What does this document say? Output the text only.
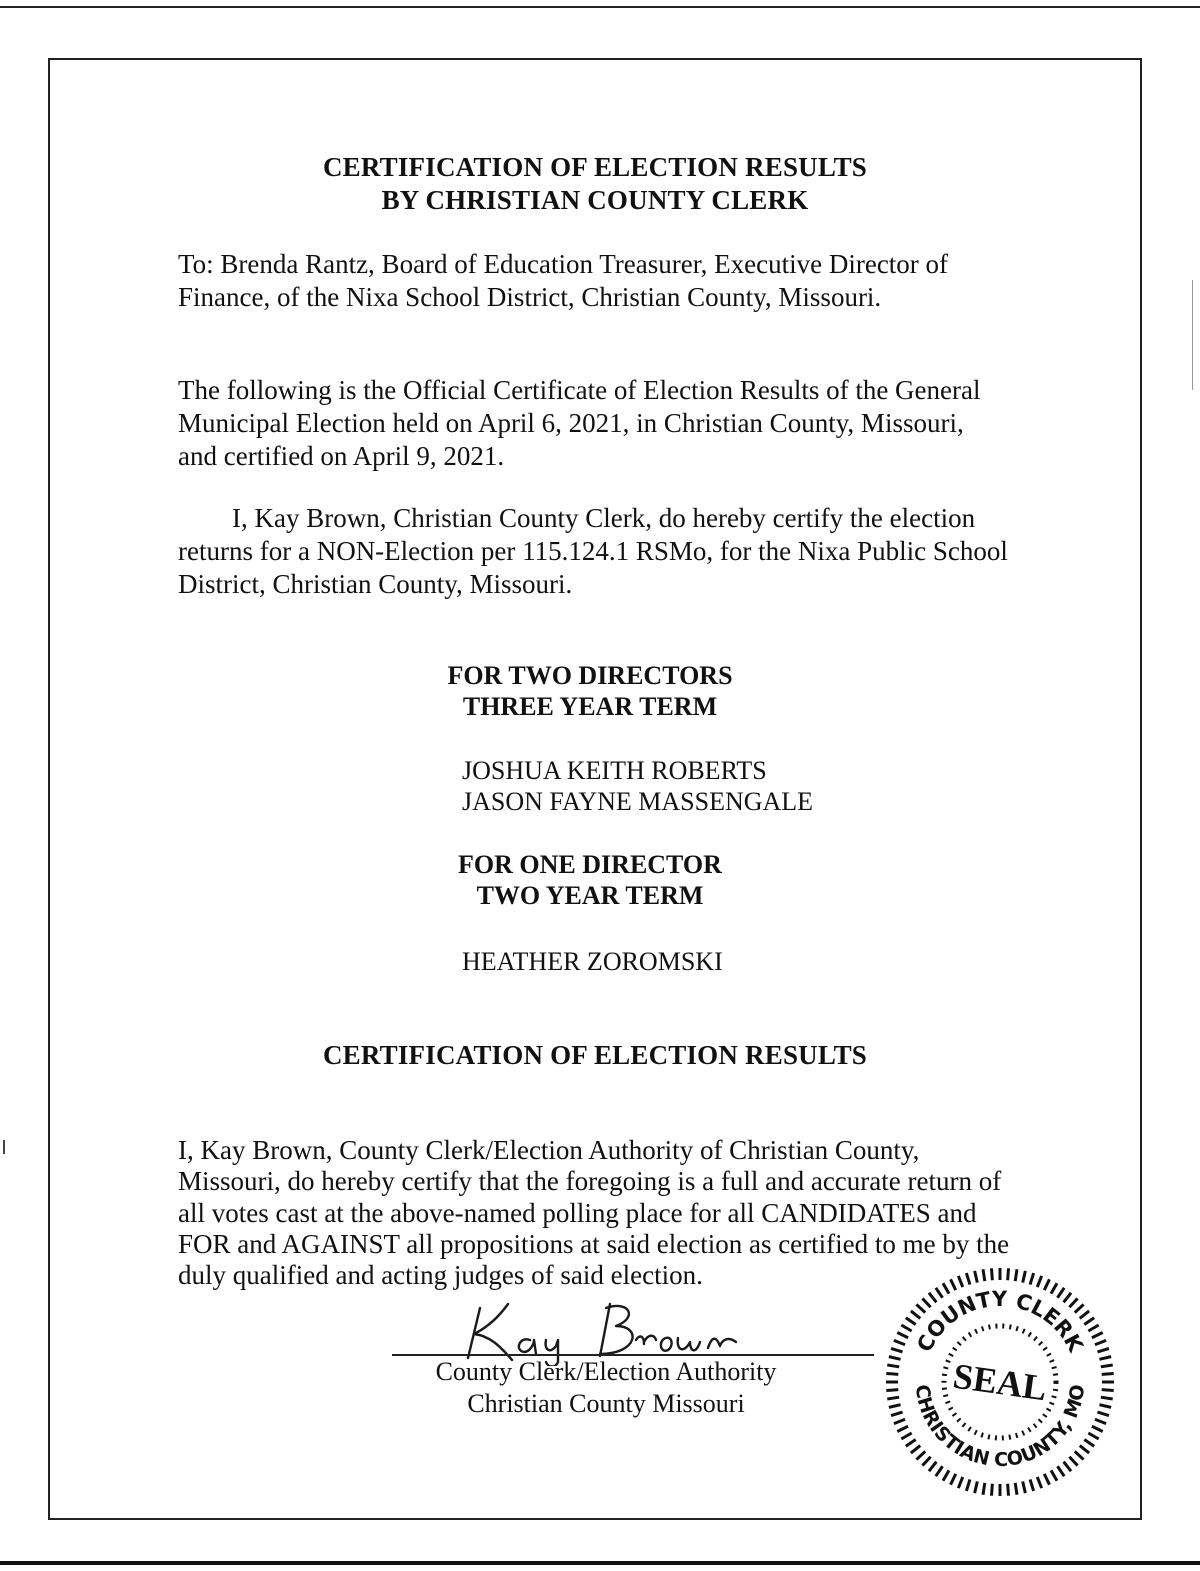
CERTIFICATION OF ELECTION RESULTS
BY CHRISTIAN COUNTY CLERK
To: Brenda Rantz, Board of Education Treasurer, Executive Director of
Finance, of the Nixa School District, Christian County, Missouri.
The following is the Official Certificate of Election Results of the General
Municipal Election held on April 6, 2021, in Christian County, Missouri,
and certified on April 9, 2021.
I, Kay Brown, Christian County Clerk, do hereby certify the election
returns for a NON-Election per 115.124.1 RSMo, for the Nixa Public School
District, Christian County, Missouri.
FOR TWO DIRECTORS
THREE YEAR TERM
JOSHUA KEITH ROBERTS
JASON FAYNE MASSENGALE
FOR ONE DIRECTOR
TWO YEAR TERM
HEATHER ZOROMSKI
CERTIFICATION OF ELECTION RESULTS
I, Kay Brown, County Clerk/Election Authority of Christian County,
Missouri, do hereby certify that the foregoing is a full and accurate return of
all votes cast at the above-named polling place for all CANDIDATES and
FOR and AGAINST all propositions at said election as certified to me by the
duly qualified and acting judges of said election.
County Clerk/Election Authority
Christian County Missouri
COUNTY CLERK
CHRISTIAN COUNTY, MO
SEAL
